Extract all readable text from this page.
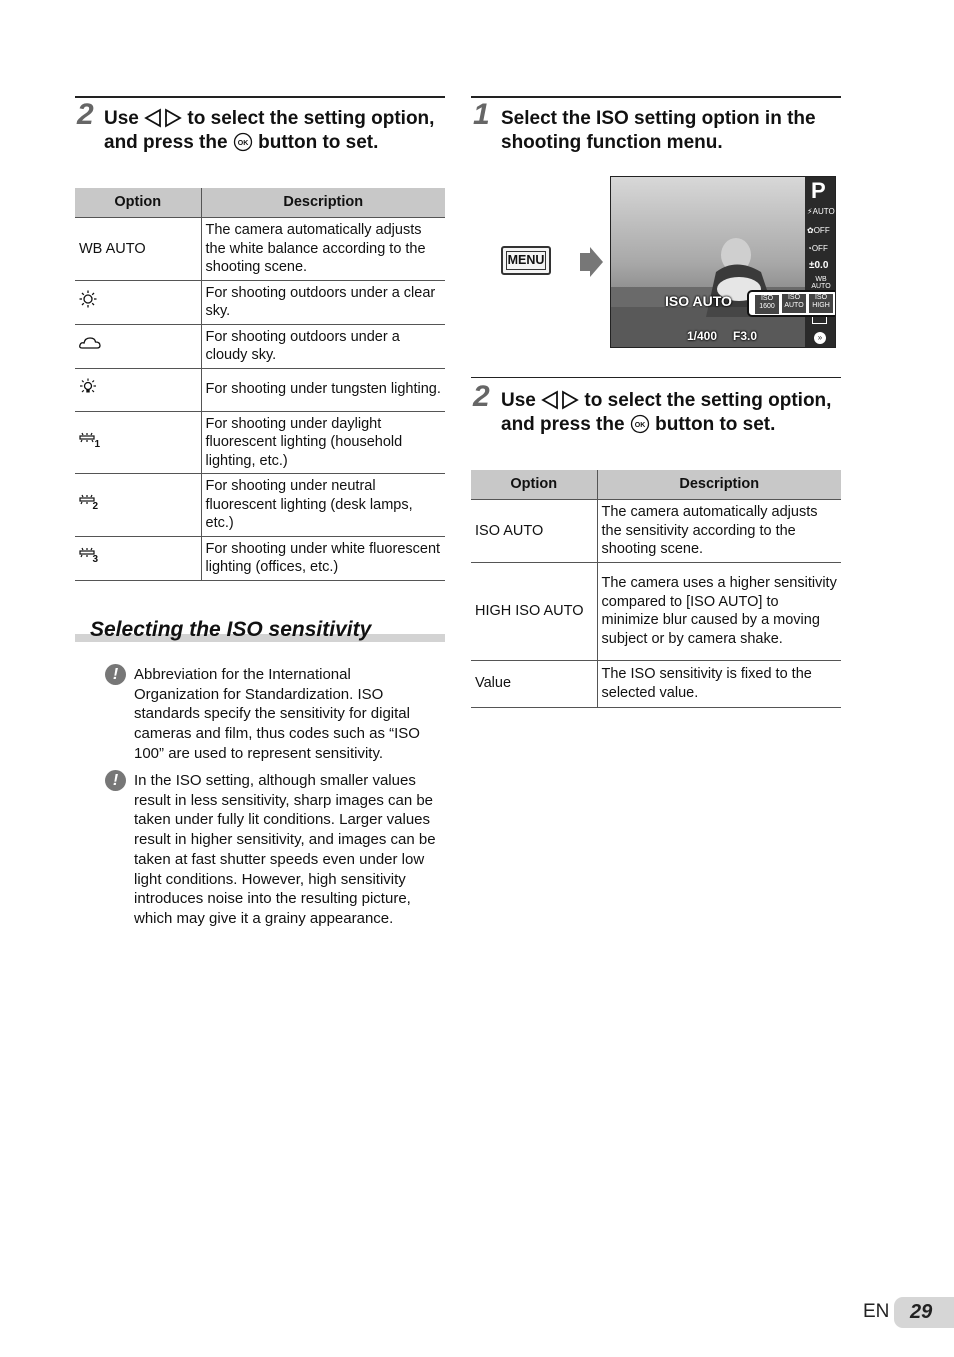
2 Use	to select the setting option, and press the OK button to set.
Option	Description
WB AUTO	The camera automatically adjusts the white balance according to the shooting scene.
	For shooting outdoors under a clear sky.
	For shooting outdoors under a cloudy sky.
	For shooting under tungsten lighting.

1	For shooting under daylight fluorescent lighting (household lighting, etc.)

2	For shooting under neutral fluorescent lighting (desk lamps, etc.)

3	For shooting under white fluorescent lighting (offices, etc.)
Selecting the ISO sensitivity
!	Abbreviation for the International Organization for Standardization. ISO standards specify the sensitivity for digital cameras and film, thus codes such as “ISO 100” are used to represent sensitivity.
!	In the ISO setting, although smaller values result in less sensitivity, sharp images can be taken under fully lit conditions. Larger values result in higher sensitivity, and images can be taken at fast shutter speeds even under low light conditions. However, high sensitivity introduces noise into the resulting picture, which may give it a grainy appearance.
1 Select the ISO setting option in the shooting function menu.
MENU
P
⚡AUTO
✿OFF
◔OFF
±0.0
WB AUTO
»
ISO AUTO	ISO 1600
ISO AUTO
ISO HIGH
1/400 F3.0
2 Use	to select the setting option, and press the OK button to set.
Option	Description
ISO AUTO	The camera automatically adjusts the sensitivity according to the shooting scene.
HIGH ISO AUTO	The camera uses a higher sensitivity compared to [ISO AUTO] to minimize blur caused by a moving subject or by camera shake.
Value	The ISO sensitivity is fixed to the selected value.
EN 29
